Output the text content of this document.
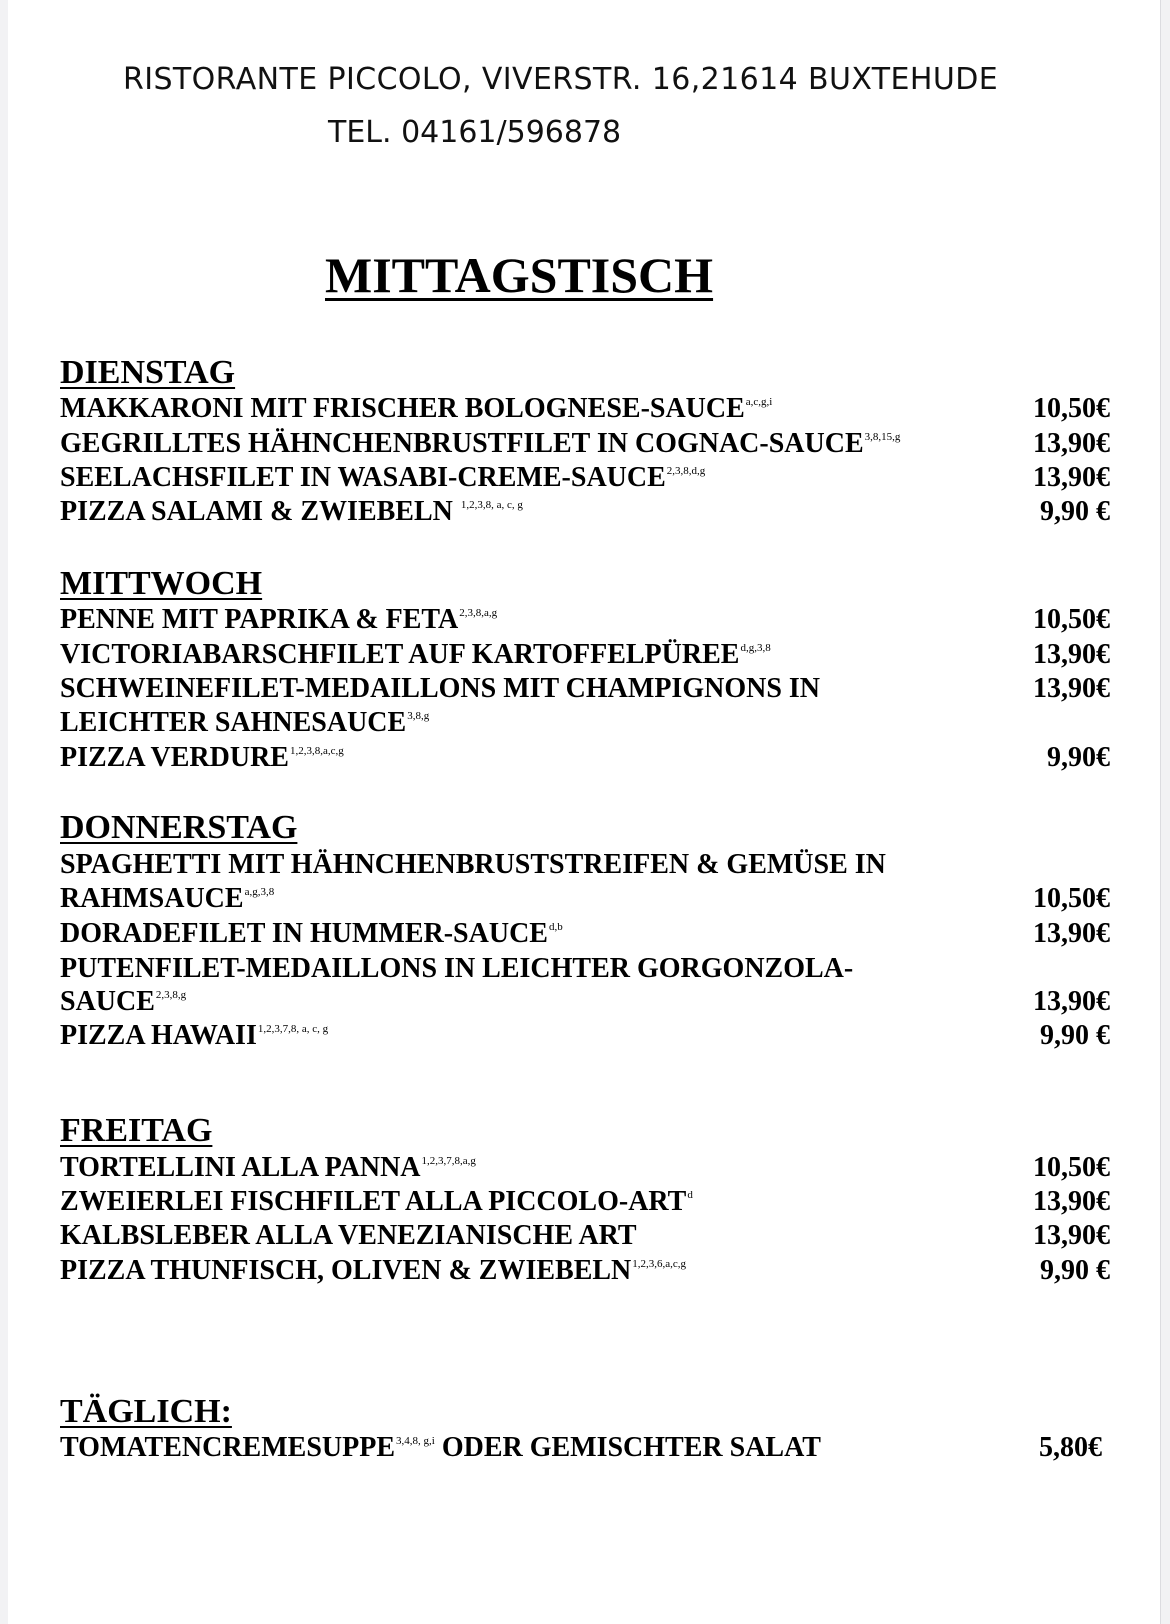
RISTORANTE PICCOLO, VIVERSTR. 16,21614 BUXTEHUDE
TEL. 04161/596878
MITTAGSTISCH
DIENSTAG
MAKKARONI MIT FRISCHER BOLOGNESE-SAUCE$^{a,c,g,i}$	10,50€
GEGRILLTES HÄHNCHENBRUSTFILET IN COGNAC-SAUCE$^{3,8,15,g}$	13,90€
SEELACHSFILET IN WASABI-CREME-SAUCE$^{2,3,8,d,g}$	13,90€
PIZZA SALAMI & ZWIEBELN $^{1,2,3,8, a, c, g}$	9,90 €
MITTWOCH
PENNE MIT PAPRIKA & FETA$^{2,3,8,a,g}$	10,50€
VICTORIABARSCHFILET AUF KARTOFFELPÜREE$^{d,g,3,8}$	13,90€
SCHWEINEFILET-MEDAILLONS MIT CHAMPIGNONS IN	13,90€
LEICHTER SAHNESAUCE$^{3,8,g}$
PIZZA VERDURE$^{1,2,3,8,a,c,g}$	9,90€
DONNERSTAG
SPAGHETTI MIT HÄHNCHENBRUSTSTREIFEN & GEMÜSE IN
RAHMSAUCE$^{a,g,3,8}$	10,50€
DORADEFILET IN HUMMER-SAUCE$^{d,b}$	13,90€
PUTENFILET-MEDAILLONS IN LEICHTER GORGONZOLA-
SAUCE$^{2,3,8,g}$	13,90€
PIZZA HAWAII$^{1,2,3,7,8, a, c, g}$	9,90 €
FREITAG
TORTELLINI ALLA PANNA$^{1,2,3,7,8,a,g}$	10,50€
ZWEIERLEI FISCHFILET ALLA PICCOLO-ART$^d$	13,90€
KALBSLEBER ALLA VENEZIANISCHE ART	13,90€
PIZZA THUNFISCH, OLIVEN & ZWIEBELN$^{1,2,3,6,a,c,g}$	9,90 €
TÄGLICH:
TOMATENCREMESUPPE$^{3,4,8, g,i}$ ODER GEMISCHTER SALAT	5,80€
